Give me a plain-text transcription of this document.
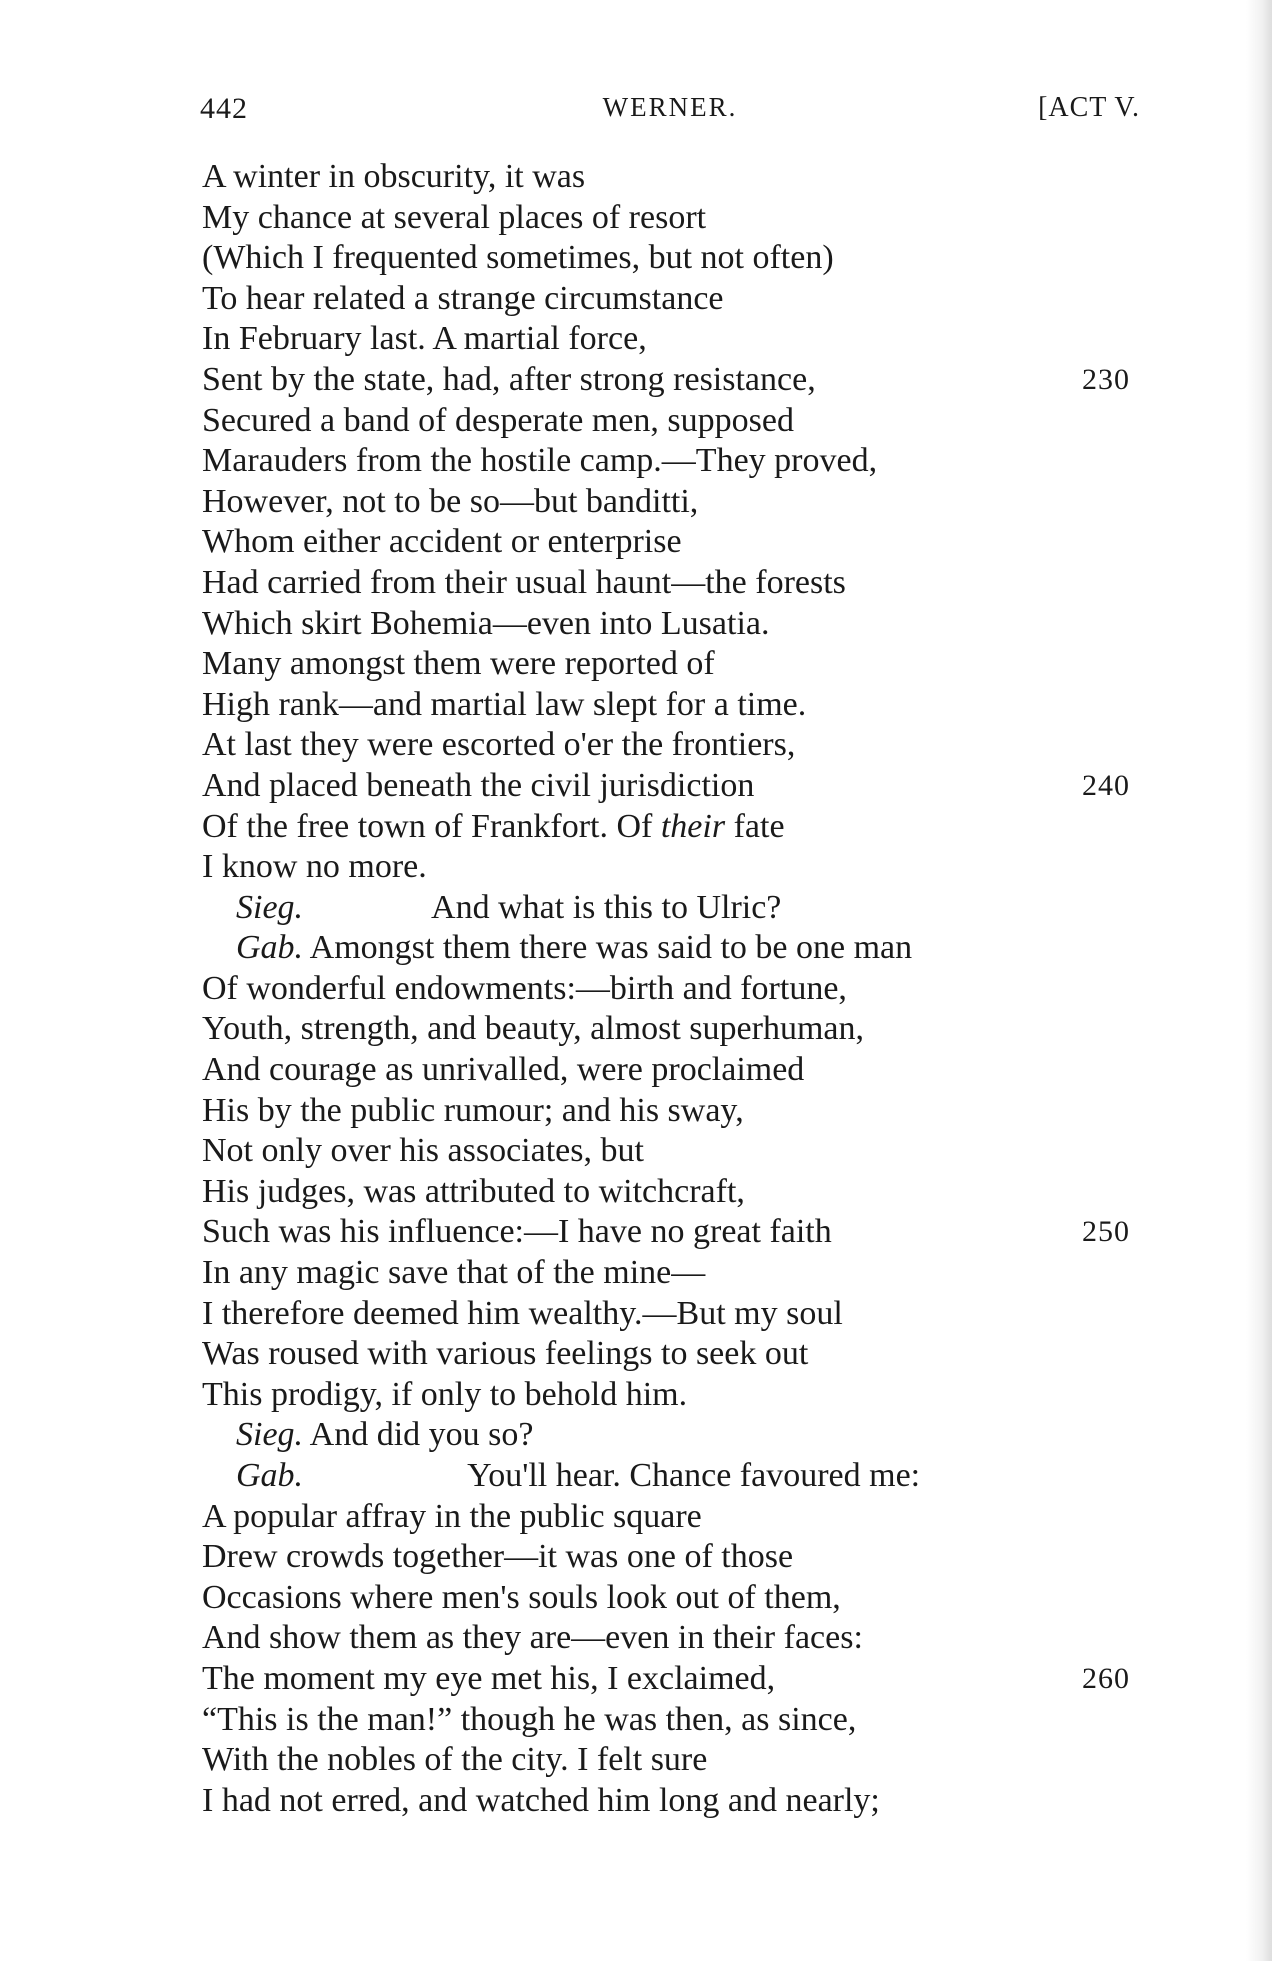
442	WERNER.	[ACT V.
A winter in obscurity, it was
My chance at several places of resort
(Which I frequented sometimes, but not often)
To hear related a strange circumstance
In February last. A martial force,
Sent by the state, had, after strong resistance,	230
Secured a band of desperate men, supposed
Marauders from the hostile camp.—They proved,
However, not to be so—but banditti,
Whom either accident or enterprise
Had carried from their usual haunt—the forests
Which skirt Bohemia—even into Lusatia.
Many amongst them were reported of
High rank—and martial law slept for a time.
At last they were escorted o'er the frontiers,
And placed beneath the civil jurisdiction	240
Of the free town of Frankfort. Of their fate
I know no more.
Sieg.	And what is this to Ulric?
Gab. Amongst them there was said to be one man
Of wonderful endowments:—birth and fortune,
Youth, strength, and beauty, almost superhuman,
And courage as unrivalled, were proclaimed
His by the public rumour; and his sway,
Not only over his associates, but
His judges, was attributed to witchcraft,
Such was his influence:—I have no great faith	250
In any magic save that of the mine—
I therefore deemed him wealthy.—But my soul
Was roused with various feelings to seek out
This prodigy, if only to behold him.
Sieg. And did you so?
Gab.	You'll hear. Chance favoured me:
A popular affray in the public square
Drew crowds together—it was one of those
Occasions where men's souls look out of them,
And show them as they are—even in their faces:
The moment my eye met his, I exclaimed,	260
“This is the man!” though he was then, as since,
With the nobles of the city. I felt sure
I had not erred, and watched him long and nearly;
